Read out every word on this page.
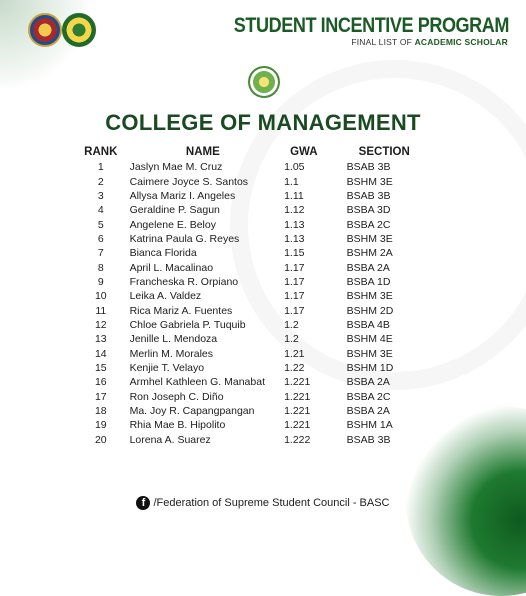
STUDENT INCENTIVE PROGRAM
FINAL LIST OF ACADEMIC SCHOLAR
COLLEGE OF MANAGEMENT
RANK	NAME	GWA	SECTION
1	Jaslyn Mae M. Cruz	1.05	BSAB 3B
2	Caimere Joyce S. Santos	1.1	BSHM 3E
3	Allysa Mariz I. Angeles	1.11	BSAB 3B
4	Geraldine P. Sagun	1.12	BSBA 3D
5	Angelene E. Beloy	1.13	BSBA 2C
6	Katrina Paula G. Reyes	1.13	BSHM 3E
7	Bianca Florida	1.15	BSHM 2A
8	April L. Macalinao	1.17	BSBA 2A
9	Francheska R. Orpiano	1.17	BSBA 1D
10	Leika A. Valdez	1.17	BSHM 3E
11	Rica Mariz A. Fuentes	1.17	BSHM 2D
12	Chloe Gabriela P. Tuquib	1.2	BSBA 4B
13	Jenille L. Mendoza	1.2	BSHM 4E
14	Merlin M. Morales	1.21	BSHM 3E
15	Kenjie T. Velayo	1.22	BSHM 1D
16	Armhel Kathleen G. Manabat	1.221	BSBA 2A
17	Ron Joseph C. Diño	1.221	BSBA 2C
18	Ma. Joy R. Capangpangan	1.221	BSBA 2A
19	Rhia Mae B. Hipolito	1.221	BSHM 1A
20	Lorena A. Suarez	1.222	BSAB 3B
f /Federation of Supreme Student Council - BASC
